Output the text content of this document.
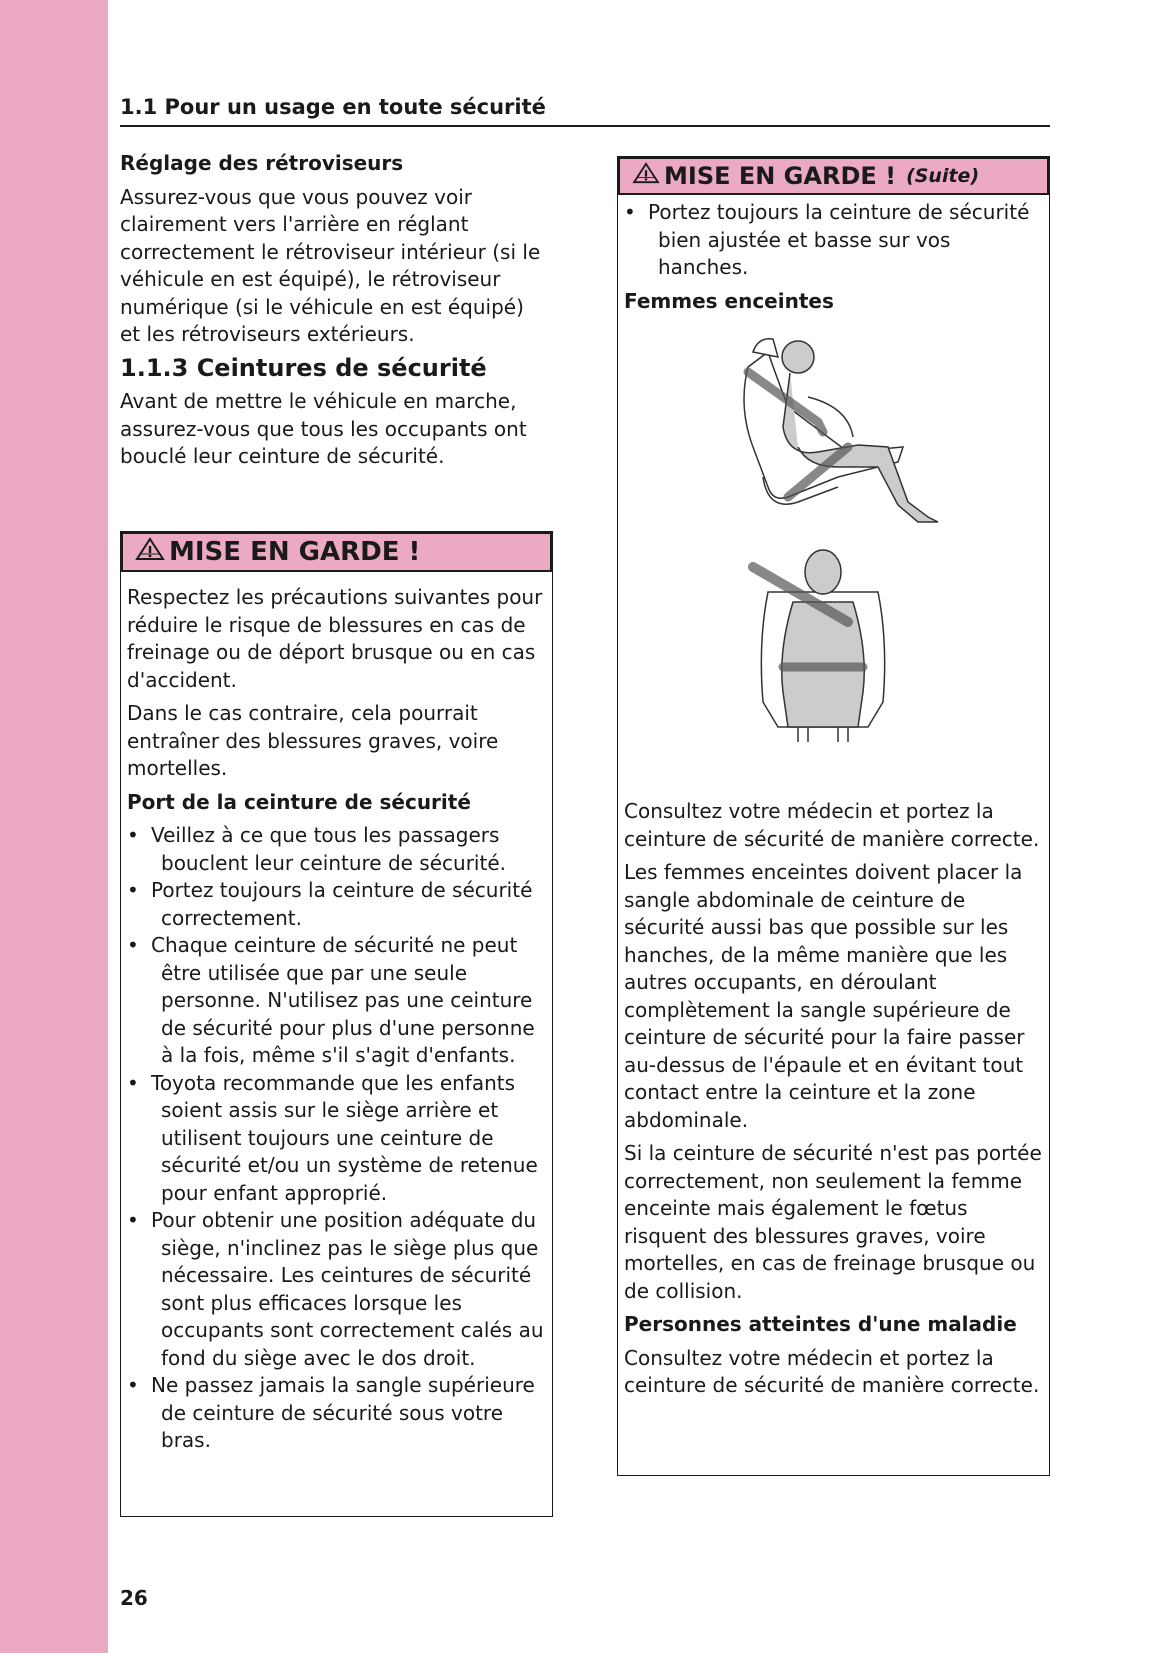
1.1 Pour un usage en toute sécurité

Réglage des rétroviseurs

Assurez-vous que vous pouvez voir clairement vers l'arrière en réglant correctement le rétroviseur intérieur (si le véhicule en est équipé), le rétroviseur numérique (si le véhicule en est équipé) et les rétroviseurs extérieurs.

1.1.3 Ceintures de sécurité

Avant de mettre le véhicule en marche, assurez-vous que tous les occupants ont bouclé leur ceinture de sécurité.

MISE EN GARDE !

Respectez les précautions suivantes pour réduire le risque de blessures en cas de freinage ou de déport brusque ou en cas d'accident.

Dans le cas contraire, cela pourrait entraîner des blessures graves, voire mortelles.

Port de la ceinture de sécurité

• Veillez à ce que tous les passagers bouclent leur ceinture de sécurité.
• Portez toujours la ceinture de sécurité correctement.
• Chaque ceinture de sécurité ne peut être utilisée que par une seule personne. N'utilisez pas une ceinture de sécurité pour plus d'une personne à la fois, même s'il s'agit d'enfants.
• Toyota recommande que les enfants soient assis sur le siège arrière et utilisent toujours une ceinture de sécurité et/ou un système de retenue pour enfant approprié.
• Pour obtenir une position adéquate du siège, n'inclinez pas le siège plus que nécessaire. Les ceintures de sécurité sont plus efficaces lorsque les occupants sont correctement calés au fond du siège avec le dos droit.
• Ne passez jamais la sangle supérieure de ceinture de sécurité sous votre bras.
MISE EN GARDE ! (Suite)
• Portez toujours la ceinture de sécurité bien ajustée et basse sur vos hanches.

Femmes enceintes

Consultez votre médecin et portez la ceinture de sécurité de manière correcte.

Les femmes enceintes doivent placer la sangle abdominale de ceinture de sécurité aussi bas que possible sur les hanches, de la même manière que les autres occupants, en déroulant complètement la sangle supérieure de ceinture de sécurité pour la faire passer au-dessus de l'épaule et en évitant tout contact entre la ceinture et la zone abdominale.

Si la ceinture de sécurité n'est pas portée correctement, non seulement la femme enceinte mais également le fœtus risquent des blessures graves, voire mortelles, en cas de freinage brusque ou de collision.

Personnes atteintes d'une maladie

Consultez votre médecin et portez la ceinture de sécurité de manière correcte.

26
